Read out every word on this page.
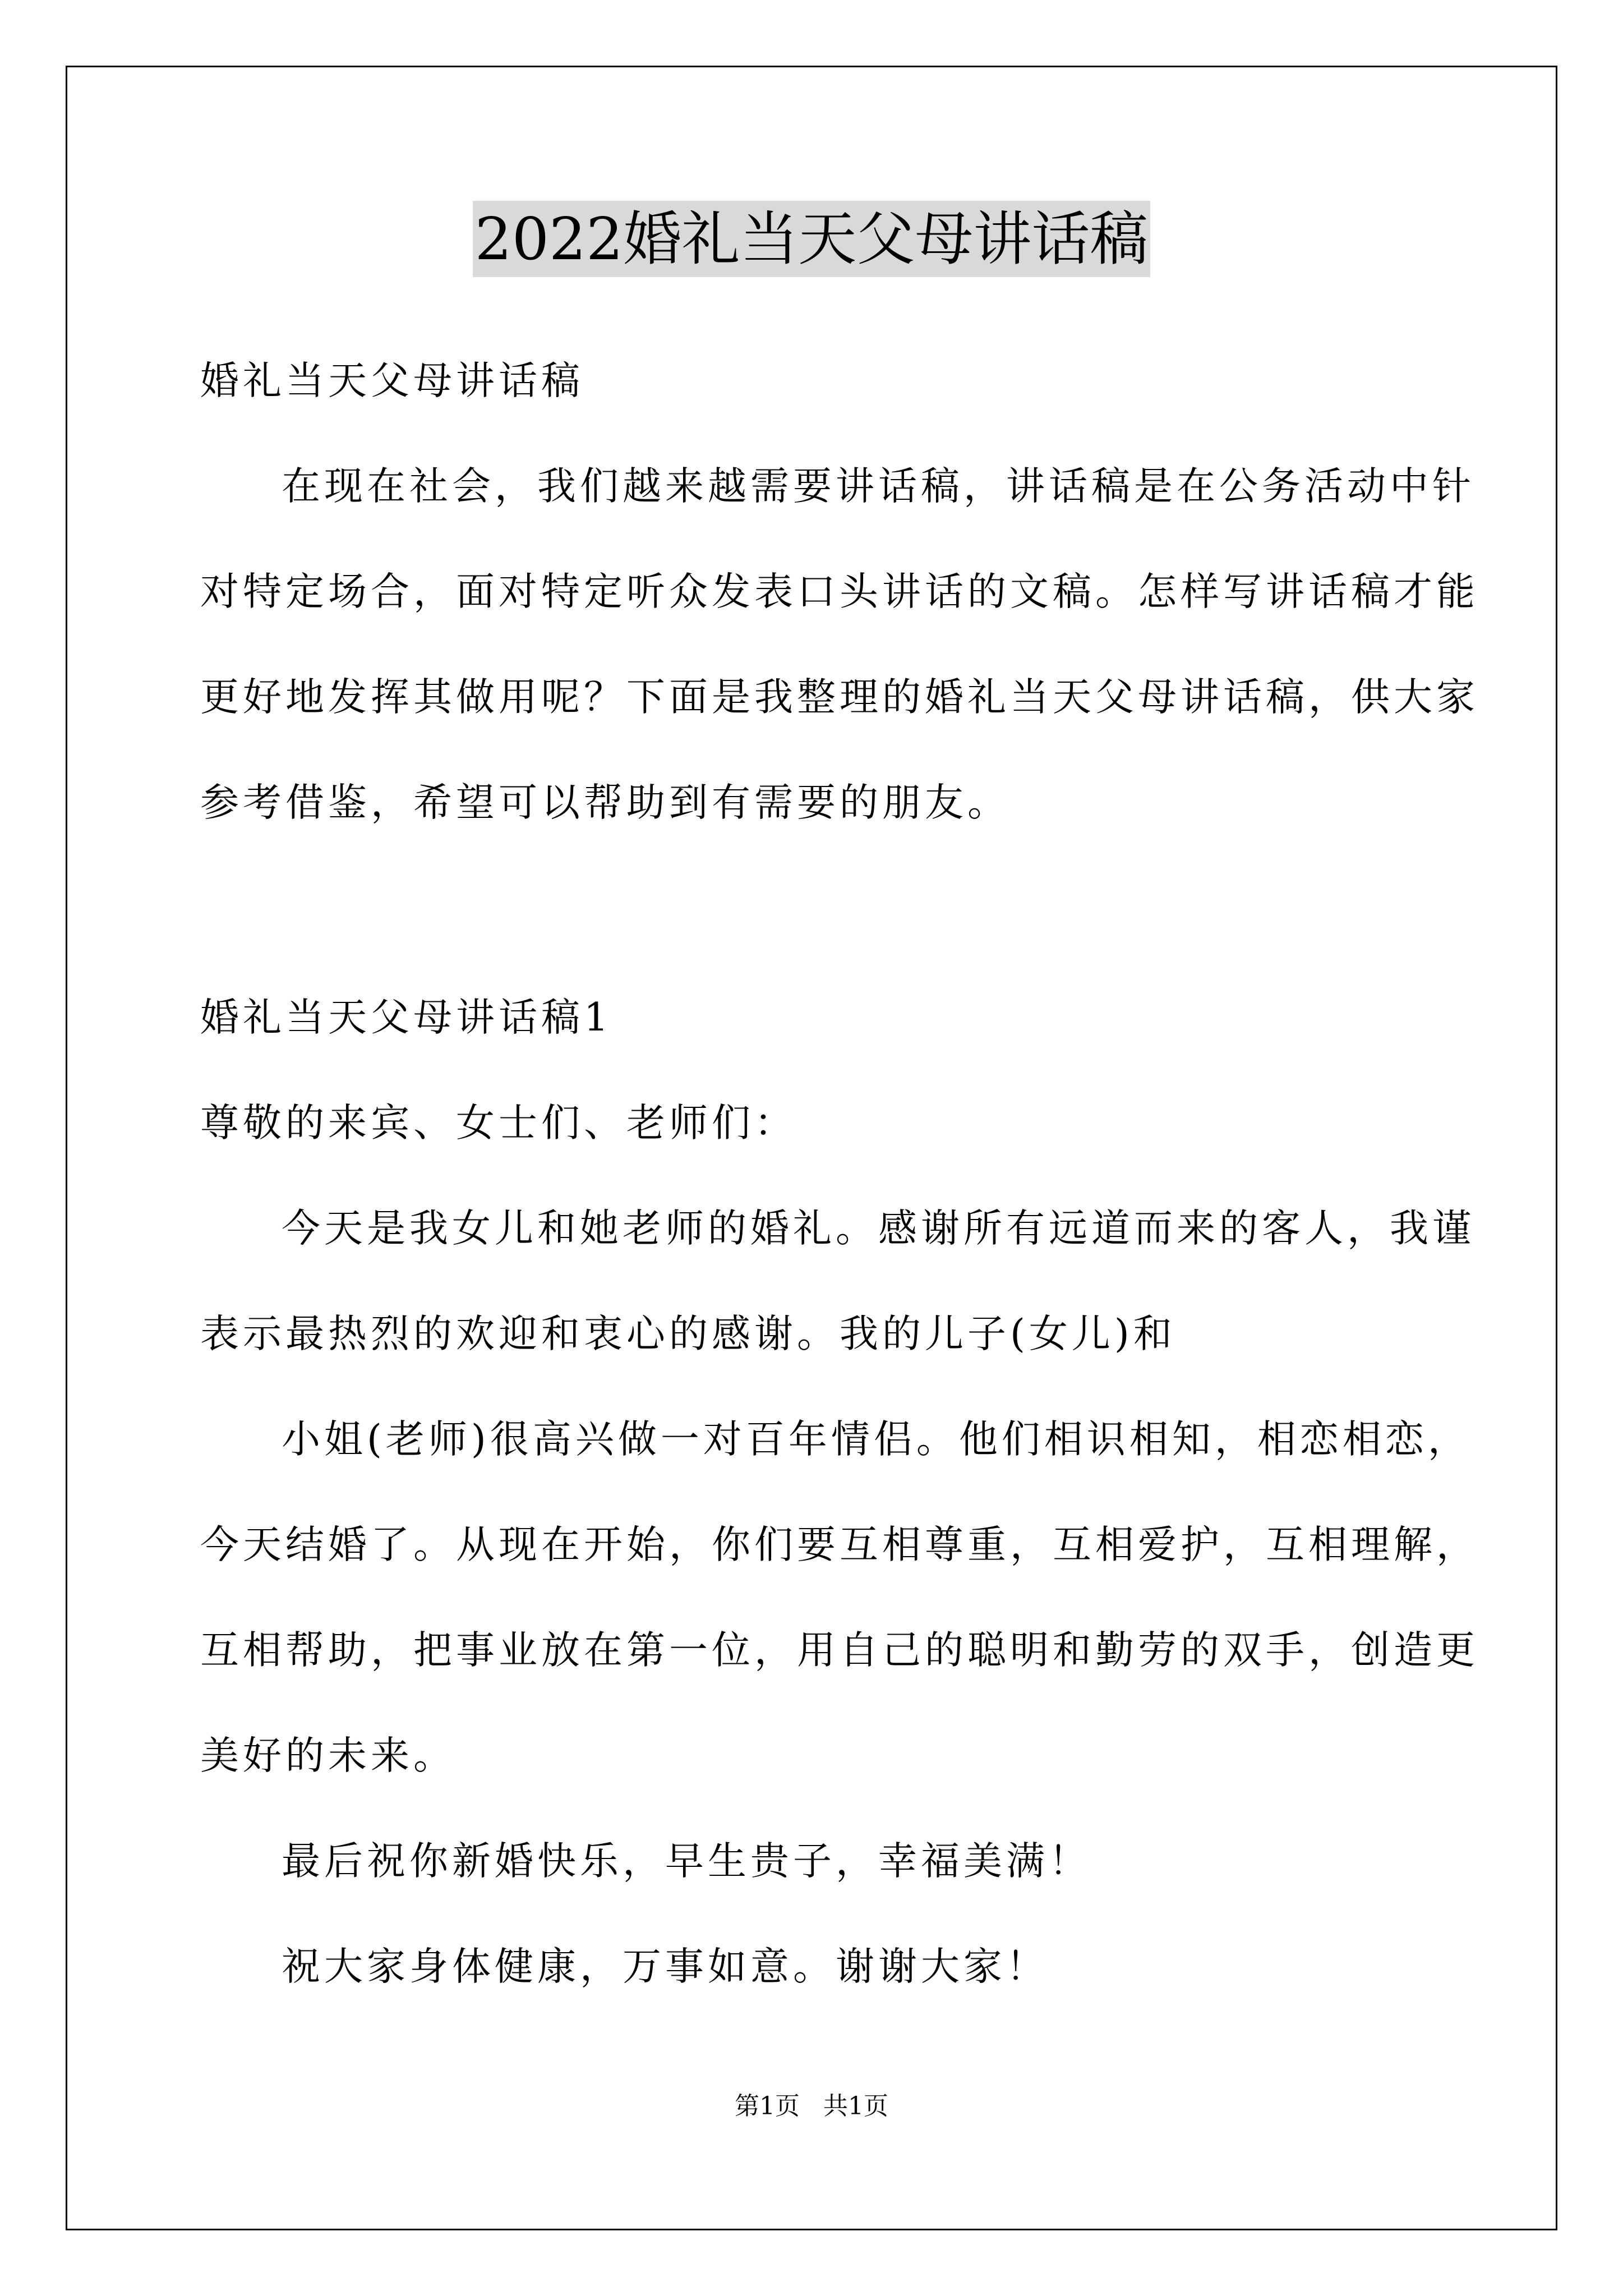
2022婚礼当天父母讲话稿
婚礼当天父母讲话稿
在现在社会，我们越来越需要讲话稿，讲话稿是在公务活动中针
对特定场合，面对特定听众发表口头讲话的文稿。怎样写讲话稿才能
更好地发挥其做用呢？下面是我整理的婚礼当天父母讲话稿，供大家
参考借鉴，希望可以帮助到有需要的朋友。
婚礼当天父母讲话稿1
尊敬的来宾、女士们、老师们：
今天是我女儿和她老师的婚礼。感谢所有远道而来的客人，我谨
表示最热烈的欢迎和衷心的感谢。我的儿子(女儿)和
小姐(老师)很高兴做一对百年情侣。他们相识相知，相恋相恋，
今天结婚了。从现在开始，你们要互相尊重，互相爱护，互相理解，
互相帮助，把事业放在第一位，用自己的聪明和勤劳的双手，创造更
美好的未来。
最后祝你新婚快乐，早生贵子，幸福美满！
祝大家身体健康，万事如意。谢谢大家！
第1页 共1页
